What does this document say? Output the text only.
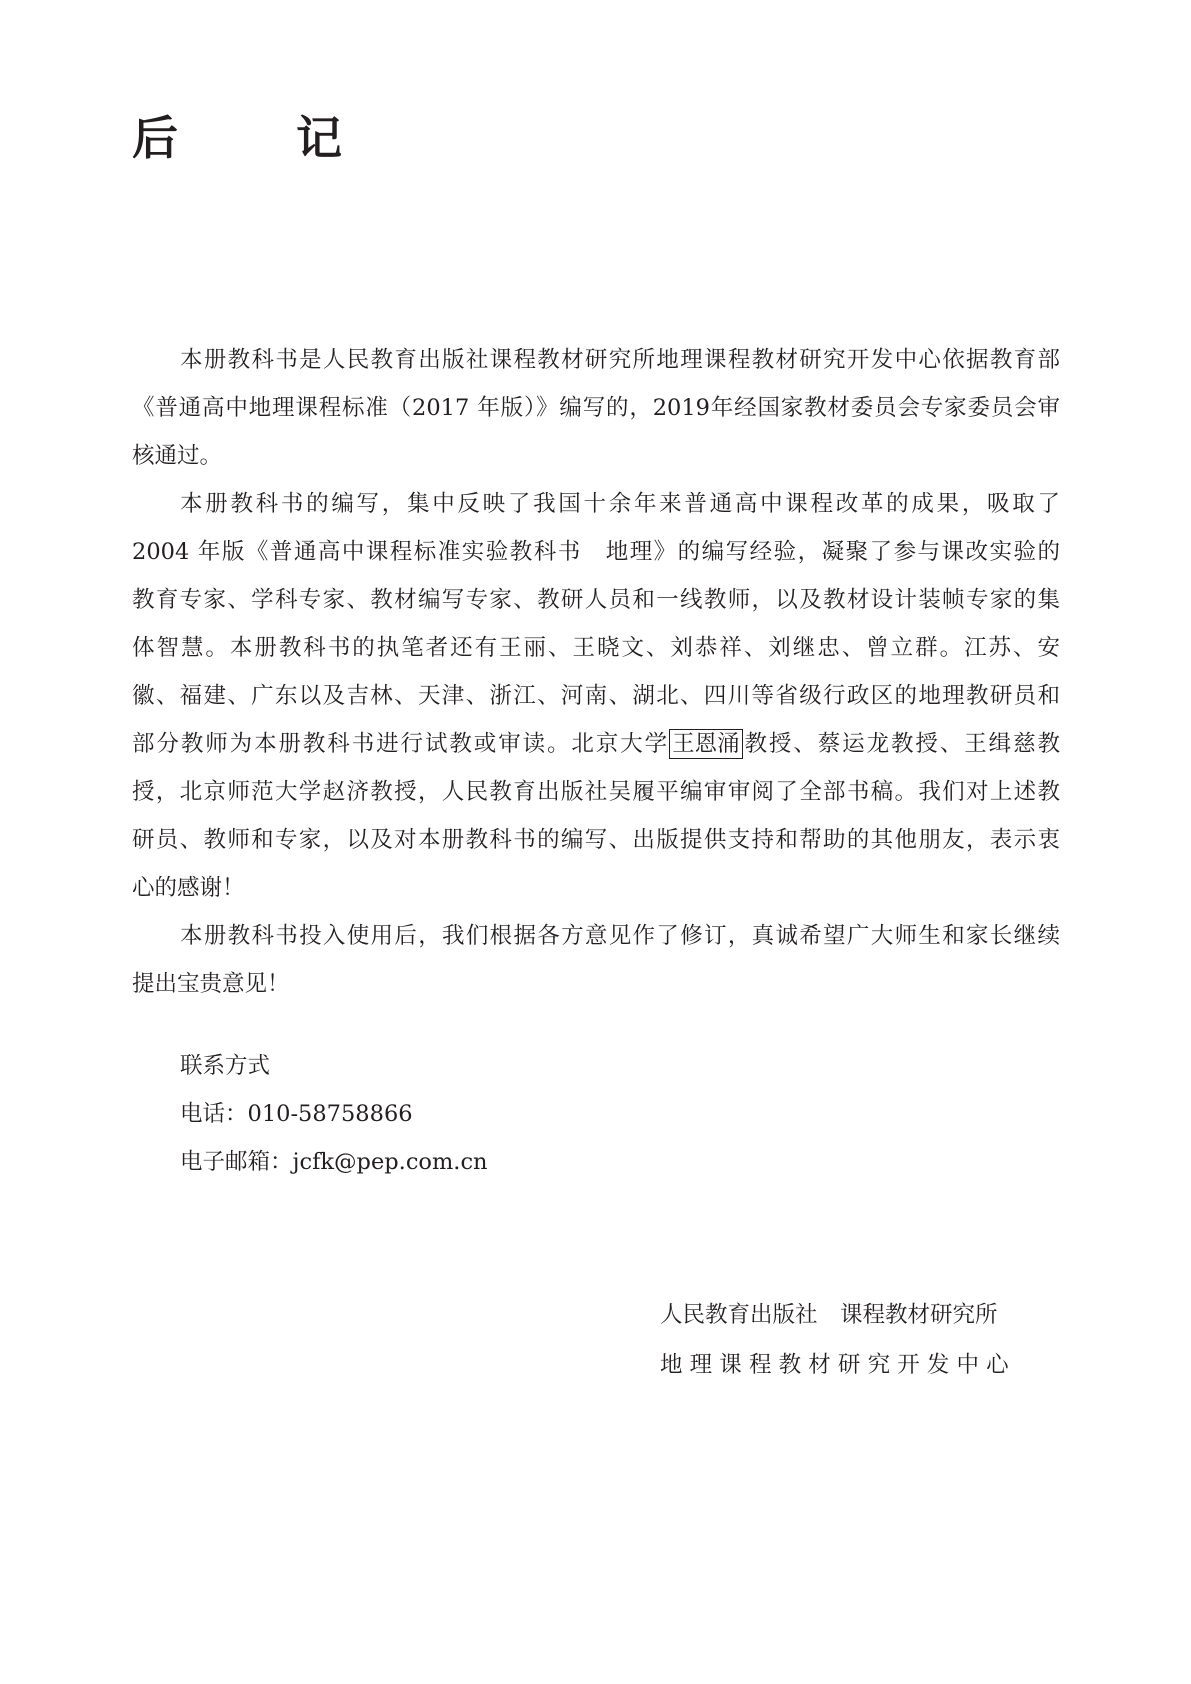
后　记
本册教科书是人民教育出版社课程教材研究所地理课程教材研究开发中心依据教育部
《普通高中地理课程标准（2017 年版）》编写的，2019年经国家教材委员会专家委员会审
核通过。
本册教科书的编写，集中反映了我国十余年来普通高中课程改革的成果，吸取了
2004 年版《普通高中课程标准实验教科书　地理》的编写经验，凝聚了参与课改实验的
教育专家、学科专家、教材编写专家、教研人员和一线教师，以及教材设计装帧专家的集
体智慧。本册教科书的执笔者还有王丽、王晓文、刘恭祥、刘继忠、曾立群。江苏、安
徽、福建、广东以及吉林、天津、浙江、河南、湖北、四川等省级行政区的地理教研员和
部分教师为本册教科书进行试教或审读。北京大学 王恩涌 教授、蔡运龙教授、王缉慈教
授，北京师范大学赵济教授，人民教育出版社吴履平编审审阅了全部书稿。我们对上述教
研员、教师和专家，以及对本册教科书的编写、出版提供支持和帮助的其他朋友，表示衷
心的感谢！
本册教科书投入使用后，我们根据各方意见作了修订，真诚希望广大师生和家长继续
提出宝贵意见！
联系方式
电话：010-58758866
电子邮箱：jcfk@pep.com.cn
人民教育出版社　课程教材研究所
地 理 课 程 教 材 研 究 开 发 中 心
